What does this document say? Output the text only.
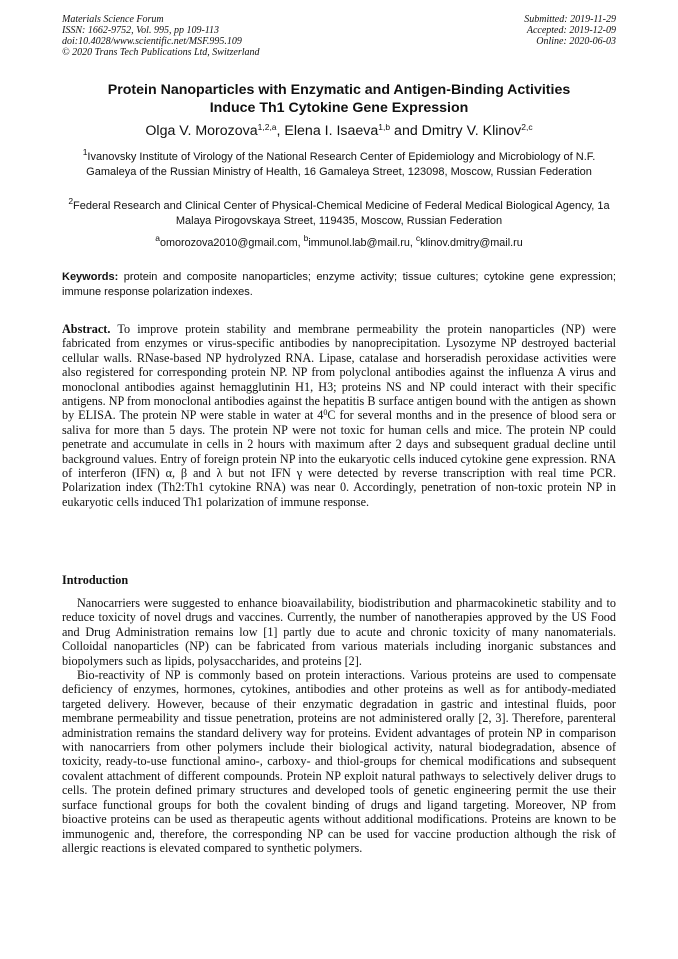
Materials Science Forum
ISSN: 1662-9752, Vol. 995, pp 109-113
doi:10.4028/www.scientific.net/MSF.995.109
© 2020 Trans Tech Publications Ltd, Switzerland
Submitted: 2019-11-29
Accepted: 2019-12-09
Online: 2020-06-03
Protein Nanoparticles with Enzymatic and Antigen-Binding Activities
Induce Th1 Cytokine Gene Expression
Olga V. Morozova$^{1,2,a}$, Elena I. Isaeva$^{1,b}$ and Dmitry V. Klinov$^{2,c}$
$^1$Ivanovsky Institute of Virology of the National Research Center of Epidemiology and Microbiology of N.F. Gamaleya of the Russian Ministry of Health, 16 Gamaleya Street, 123098, Moscow, Russian Federation
$^2$Federal Research and Clinical Center of Physical-Chemical Medicine of Federal Medical Biological Agency, 1a Malaya Pirogovskaya Street, 119435, Moscow, Russian Federation
$^a$omorozova2010@gmail.com, $^b$immunol.lab@mail.ru, $^c$klinov.dmitry@mail.ru
Keywords: protein and composite nanoparticles; enzyme activity; tissue cultures; cytokine gene expression; immune response polarization indexes.
Abstract. To improve protein stability and membrane permeability the protein nanoparticles (NP) were fabricated from enzymes or virus-specific antibodies by nanoprecipitation. Lysozyme NP destroyed bacterial cellular walls. RNase-based NP hydrolyzed RNA. Lipase, catalase and horseradish peroxidase activities were also registered for corresponding protein NP. NP from polyclonal antibodies against the influenza A virus and monoclonal antibodies against hemagglutinin H1, H3; proteins NS and NP could interact with their specific antigens. NP from monoclonal antibodies against the hepatitis B surface antigen bound with the antigen as shown by ELISA. The protein NP were stable in water at $4^0C$ for several months and in the presence of blood sera or saliva for more than 5 days. The protein NP were not toxic for human cells and mice. The protein NP could penetrate and accumulate in cells in 2 hours with maximum after 2 days and subsequent gradual decline until background values. Entry of foreign protein NP into the eukaryotic cells induced cytokine gene expression. RNA of interferon (IFN) α, β and λ but not IFN γ were detected by reverse transcription with real time PCR. Polarization index (Th2:Th1 cytokine RNA) was near 0. Accordingly, penetration of non-toxic protein NP in eukaryotic cells induced Th1 polarization of immune response.
Introduction

Nanocarriers were suggested to enhance bioavailability, biodistribution and pharmacokinetic stability and to reduce toxicity of novel drugs and vaccines. Currently, the number of nanotherapies approved by the US Food and Drug Administration remains low [1] partly due to acute and chronic toxicity of many nanomaterials. Colloidal nanoparticles (NP) can be fabricated from various materials including inorganic substances and biopolymers such as lipids, polysaccharides, and proteins [2].

Bio-reactivity of NP is commonly based on protein interactions. Various proteins are used to compensate deficiency of enzymes, hormones, cytokines, antibodies and other proteins as well as for antibody-mediated targeted delivery. However, because of their enzymatic degradation in gastric and intestinal fluids, poor membrane permeability and tissue penetration, proteins are not administered orally [2, 3]. Therefore, parenteral administration remains the standard delivery way for proteins. Evident advantages of protein NP in comparison with nanocarriers from other polymers include their biological activity, natural biodegradation, absence of toxicity, ready-to-use functional amino-, carboxy- and thiol-groups for chemical modifications and subsequent covalent attachment of different compounds. Protein NP exploit natural pathways to selectively deliver drugs to cells. The protein defined primary structures and developed tools of genetic engineering permit the use their surface functional groups for both the covalent binding of drugs and ligand targeting. Moreover, NP from bioactive proteins can be used as therapeutic agents without additional modifications. Proteins are known to be immunogenic and, therefore, the corresponding NP can be used for vaccine production although the risk of allergic reactions is elevated compared to synthetic polymers.
